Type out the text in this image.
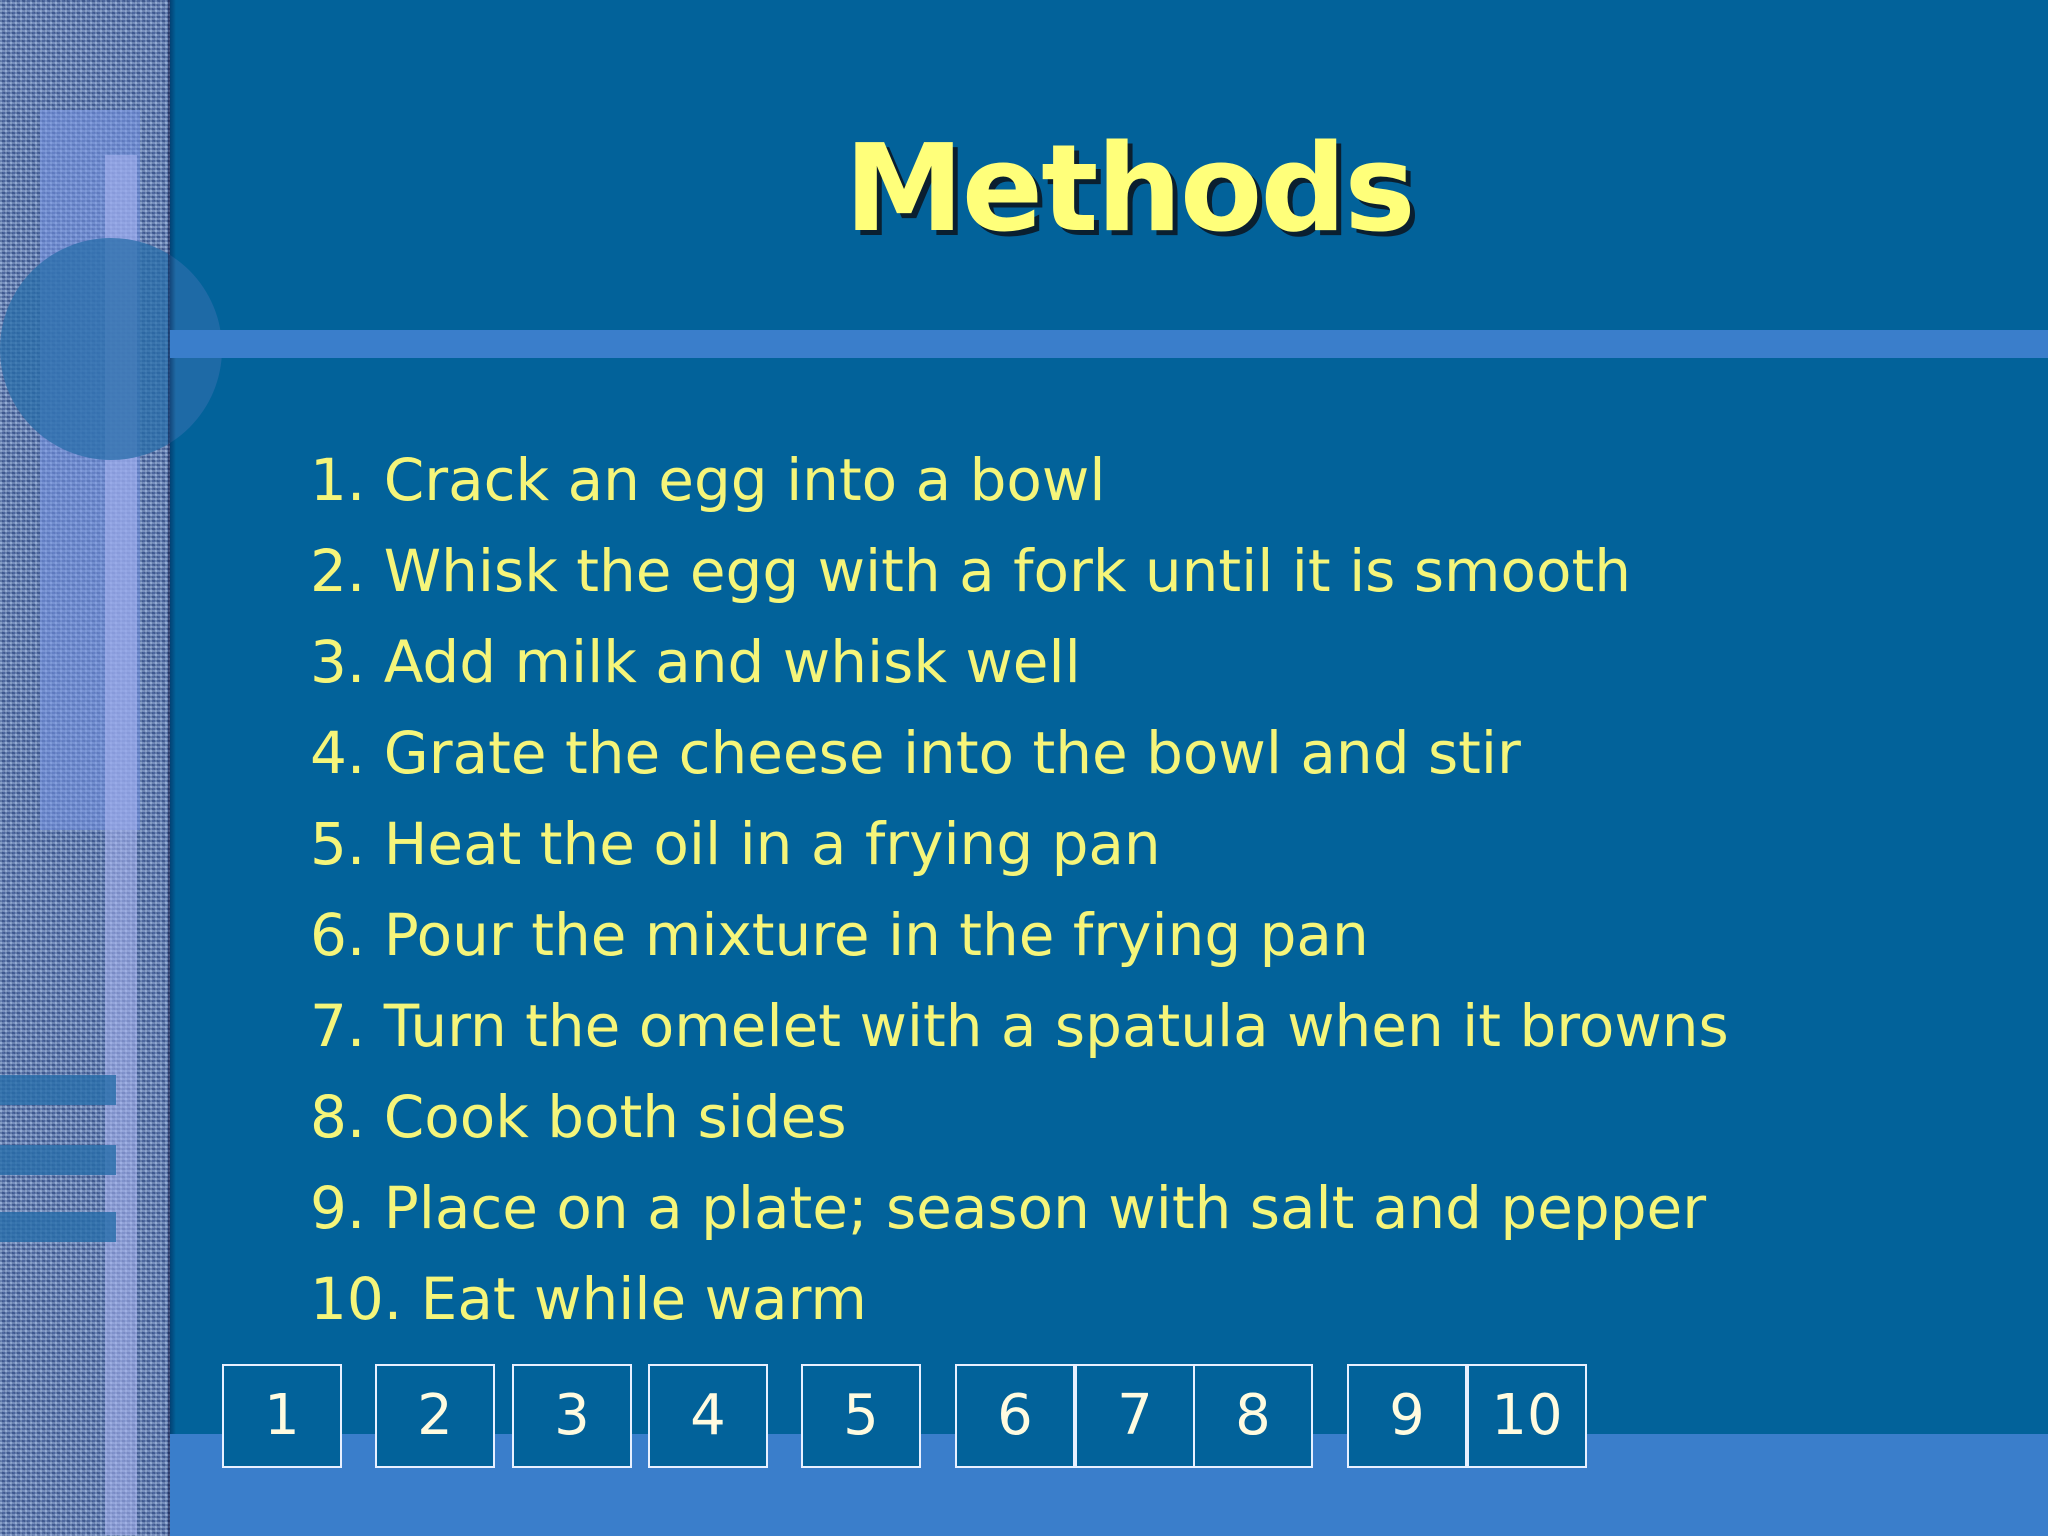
Methods
1. Crack an egg into a bowl
2. Whisk the egg with a fork until it is smooth
3. Add milk and whisk well
4. Grate the cheese into the bowl and stir
5. Heat the oil in a frying pan
6. Pour the mixture in the frying pan
7. Turn the omelet with a spatula when it browns
8. Cook both sides
9. Place on a plate; season with salt and pepper
10. Eat while warm
1	2	3	4	5	6	7	8	9	10
